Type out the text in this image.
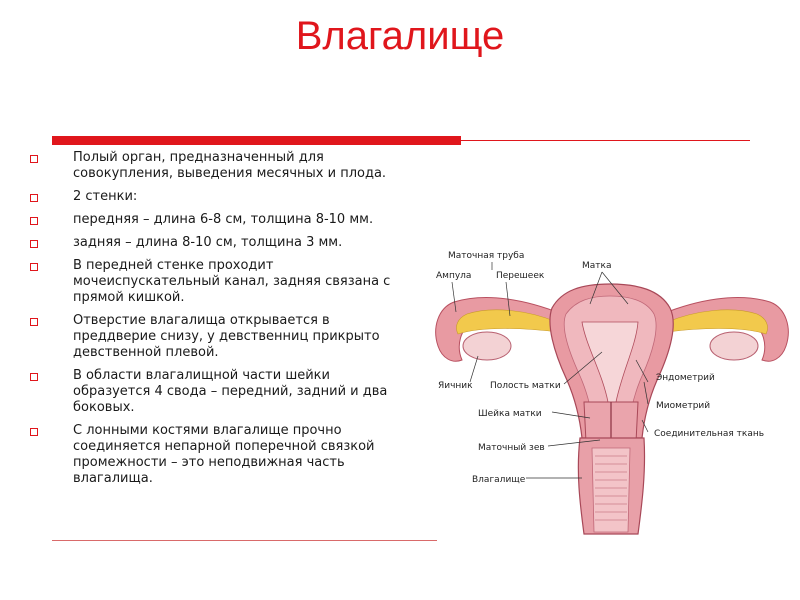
Влагалище
Полый орган, предназначенный для совокупления, выведения месячных и плода.
2 стенки:
передняя – длина 6-8 см, толщина 8-10 мм.
задняя – длина 8-10 см, толщина 3 мм.
В передней стенке проходит мочеиспускательный канал, задняя связана с прямой кишкой.
Отверстие влагалища открывается в преддверие снизу, у девственниц прикрыто девственной плевой.
В области влагалищной части шейки образуется 4 свода – передний, задний и два боковых.
С лонными костями влагалище прочно соединяется непарной поперечной связкой промежности – это неподвижная часть влагалища.
Маточная труба
Ампула	Перешеек
Матка
Яичник Полость матки
Эндометрий
Миометрий
Шейка матки
Соединительная ткань
Маточный зев
Влагалище
